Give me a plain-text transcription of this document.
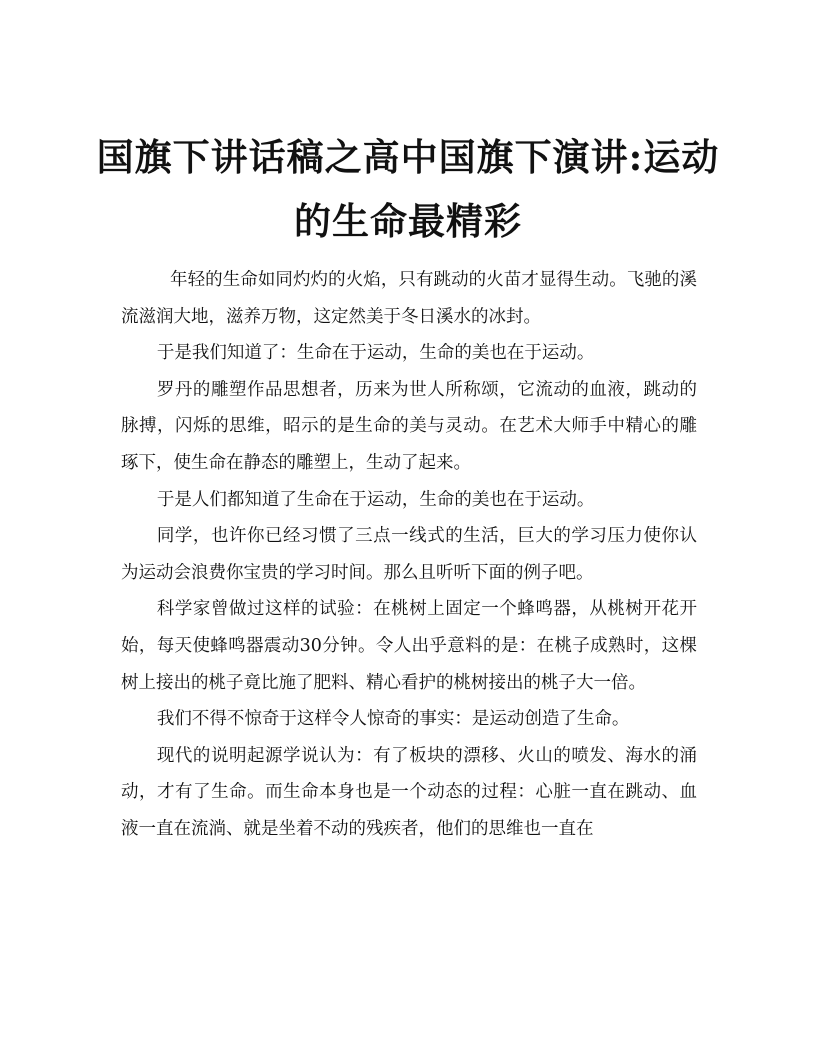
国旗下讲话稿之高中国旗下演讲:运动的生命最精彩

年轻的生命如同灼灼的火焰，只有跳动的火苗才显得生动。飞驰的溪流滋润大地，滋养万物，这定然美于冬日溪水的冰封。

于是我们知道了：生命在于运动，生命的美也在于运动。

罗丹的雕塑作品思想者，历来为世人所称颂，它流动的血液，跳动的脉搏，闪烁的思维，昭示的是生命的美与灵动。在艺术大师手中精心的雕琢下，使生命在静态的雕塑上，生动了起来。

于是人们都知道了生命在于运动，生命的美也在于运动。

同学，也许你已经习惯了三点一线式的生活，巨大的学习压力使你认为运动会浪费你宝贵的学习时间。那么且听听下面的例子吧。

科学家曾做过这样的试验：在桃树上固定一个蜂鸣器，从桃树开花开始，每天使蜂鸣器震动30分钟。令人出乎意料的是：在桃子成熟时，这棵树上接出的桃子竟比施了肥料、精心看护的桃树接出的桃子大一倍。

我们不得不惊奇于这样令人惊奇的事实：是运动创造了生命。

现代的说明起源学说认为：有了板块的漂移、火山的喷发、海水的涌动，才有了生命。而生命本身也是一个动态的过程：心脏一直在跳动、血液一直在流淌、就是坐着不动的残疾者，他们的思维也一直在
